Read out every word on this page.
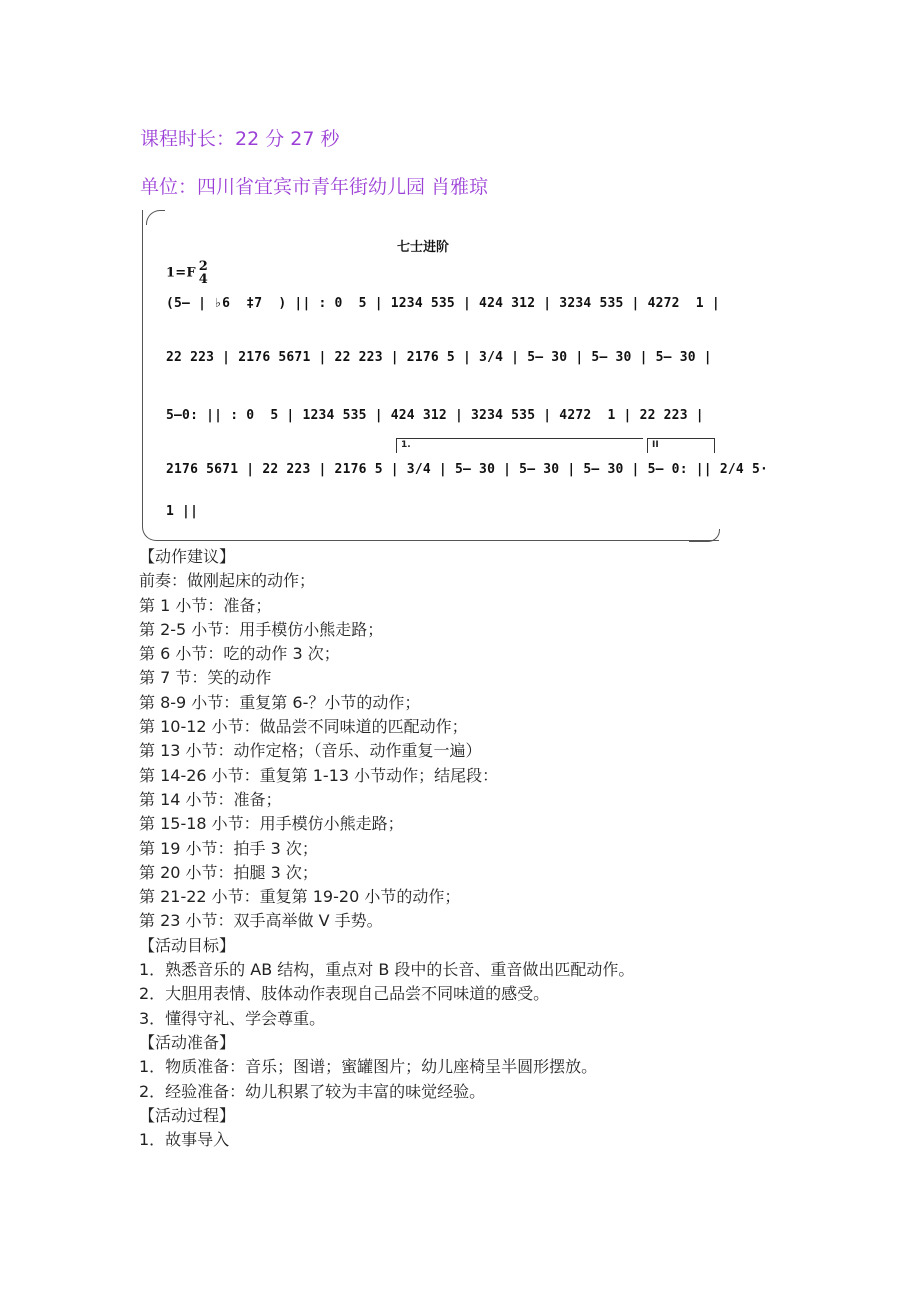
课程时长：22 分 27 秒
单位：四川省宜宾市青年街幼儿园 肖雅琼
七士进阶
1=F 2
4
(5— | ♭6  ‡7  ) || : 0  5 | 1234 535 | 424 312 | 3234 535 | 4272  1 |
22 223 | 2176 5671 | 22 223 | 2176 5 | 3/4 | 5— 30 | 5— 30 | 5— 30 |
5—0: || : 0  5 | 1234 535 | 424 312 | 3234 535 | 4272  1 | 22 223 |
1.	II
2176 5671 | 22 223 | 2176 5 | 3/4 | 5— 30 | 5— 30 | 5— 30 | 5— 0: || 2/4 5·
1 ||
【动作建议】
前奏：做刚起床的动作；
第 1 小节：准备；
第 2-5 小节：用手模仿小熊走路；
第 6 小节：吃的动作 3 次；
第 7 节：笑的动作
第 8-9 小节：重复第 6-？小节的动作；
第 10-12 小节：做品尝不同味道的匹配动作；
第 13 小节：动作定格；（音乐、动作重复一遍）
第 14-26 小节：重复第 1-13 小节动作；结尾段：
第 14 小节：准备；
第 15-18 小节：用手模仿小熊走路；
第 19 小节：拍手 3 次；
第 20 小节：拍腿 3 次；
第 21-22 小节：重复第 19-20 小节的动作；
第 23 小节：双手高举做 V 手势。
【活动目标】
1．熟悉音乐的 AB 结构，重点对 B 段中的长音、重音做出匹配动作。
2．大胆用表情、肢体动作表现自己品尝不同味道的感受。
3．懂得守礼、学会尊重。
【活动准备】
1．物质准备：音乐；图谱；蜜罐图片；幼儿座椅呈半圆形摆放。
2．经验准备：幼儿积累了较为丰富的味觉经验。
【活动过程】
1．故事导入
